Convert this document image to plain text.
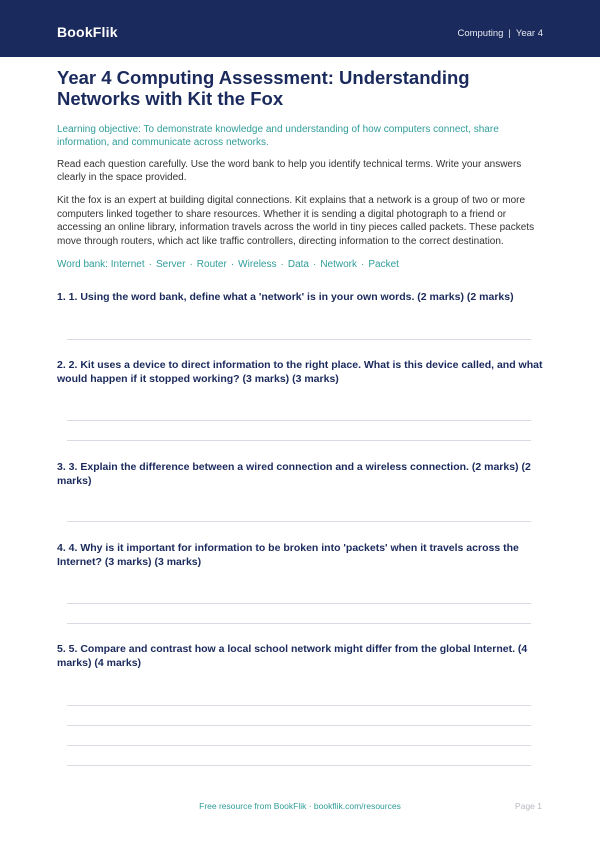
BookFlik	Computing | Year 4
Year 4 Computing Assessment: Understanding Networks with Kit the Fox

Learning objective: To demonstrate knowledge and understanding of how computers connect, share information, and communicate across networks.

Read each question carefully. Use the word bank to help you identify technical terms. Write your answers clearly in the space provided.

Kit the fox is an expert at building digital connections. Kit explains that a network is a group of two or more computers linked together to share resources. Whether it is sending a digital photograph to a friend or accessing an online library, information travels across the world in tiny pieces called packets. These packets move through routers, which act like traffic controllers, directing information to the correct destination.

Word bank: Internet · Server · Router · Wireless · Data · Network · Packet

1. 1. Using the word bank, define what a 'network' is in your own words. (2 marks) (2 marks)

2. 2. Kit uses a device to direct information to the right place. What is this device called, and what would happen if it stopped working? (3 marks) (3 marks)

3. 3. Explain the difference between a wired connection and a wireless connection. (2 marks) (2 marks)

4. 4. Why is it important for information to be broken into 'packets' when it travels across the Internet? (3 marks) (3 marks)

5. 5. Compare and contrast how a local school network might differ from the global Internet. (4 marks) (4 marks)

Free resource from BookFlik · bookflik.com/resources	Page 1
